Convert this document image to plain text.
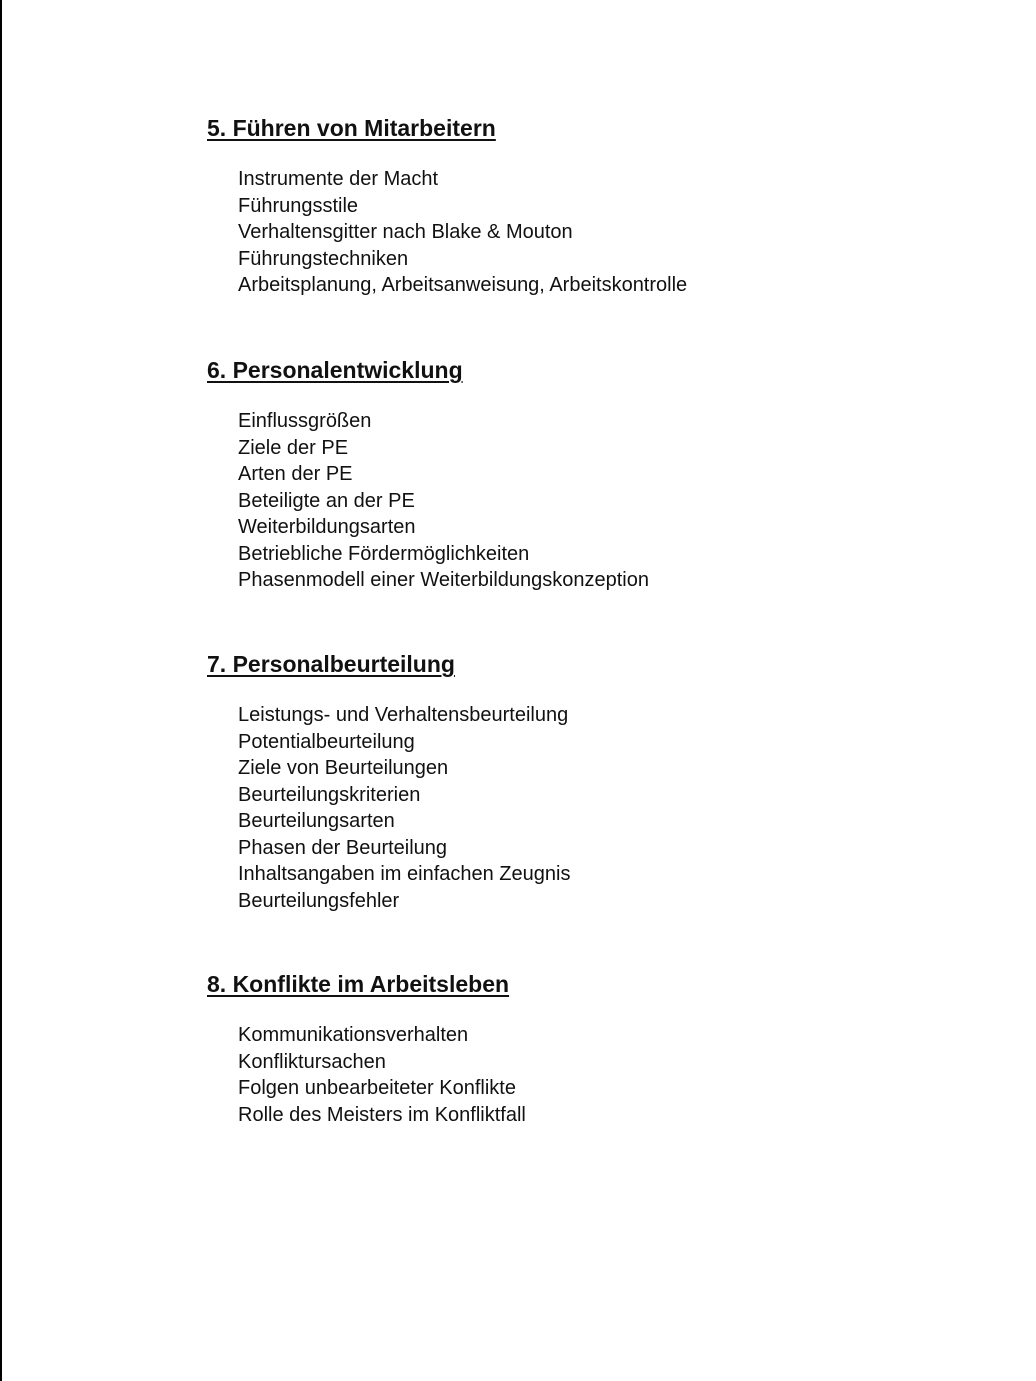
5. Führen von Mitarbeitern
Instrumente der Macht
Führungsstile
Verhaltensgitter nach Blake & Mouton
Führungstechniken
Arbeitsplanung, Arbeitsanweisung, Arbeitskontrolle
6. Personalentwicklung
Einflussgrößen
Ziele der PE
Arten der PE
Beteiligte an der PE
Weiterbildungsarten
Betriebliche Fördermöglichkeiten
Phasenmodell einer Weiterbildungskonzeption
7. Personalbeurteilung
Leistungs- und Verhaltensbeurteilung
Potentialbeurteilung
Ziele von Beurteilungen
Beurteilungskriterien
Beurteilungsarten
Phasen der Beurteilung
Inhaltsangaben im einfachen Zeugnis
Beurteilungsfehler
8. Konflikte im Arbeitsleben
Kommunikationsverhalten
Konfliktursachen
Folgen unbearbeiteter Konflikte
Rolle des Meisters im Konfliktfall
